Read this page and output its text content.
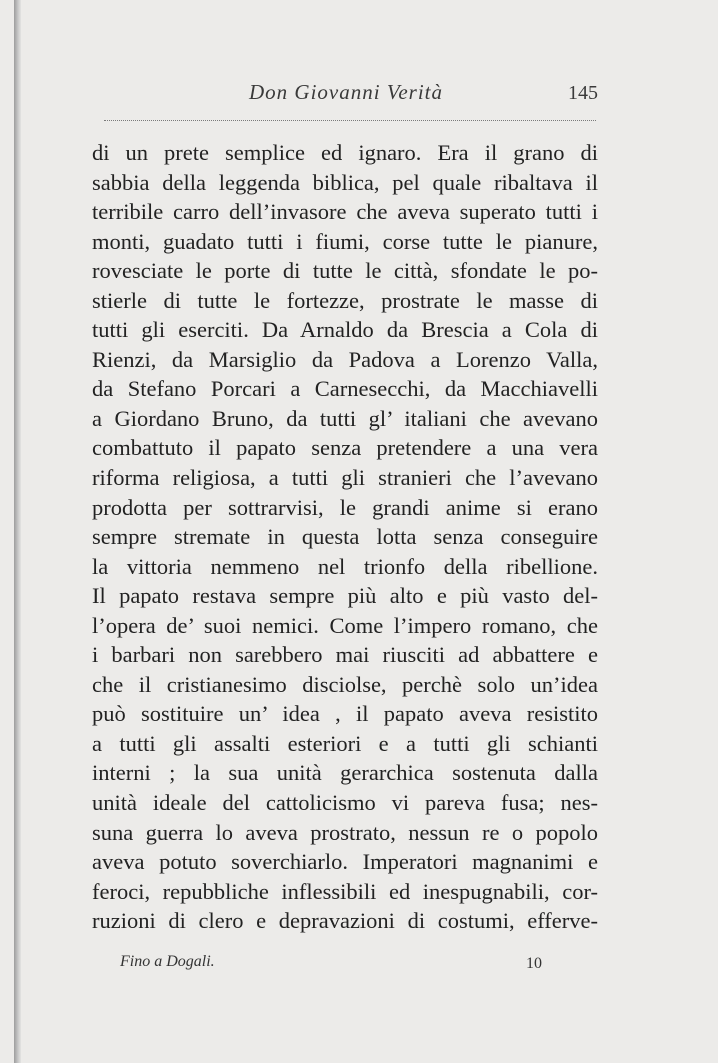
Don Giovanni Verità	145
di un prete semplice ed ignaro. Era il grano di
sabbia della leggenda biblica, pel quale ribaltava il
terribile carro dell’invasore che aveva superato tutti i
monti, guadato tutti i fiumi, corse tutte le pianure,
rovesciate le porte di tutte le città, sfondate le po-
stierle di tutte le fortezze, prostrate le masse di
tutti gli eserciti. Da Arnaldo da Brescia a Cola di
Rienzi, da Marsiglio da Padova a Lorenzo Valla,
da Stefano Porcari a Carnesecchi, da Macchiavelli
a Giordano Bruno, da tutti gl’ italiani che avevano
combattuto il papato senza pretendere a una vera
riforma religiosa, a tutti gli stranieri che l’avevano
prodotta per sottrarvisi, le grandi anime si erano
sempre stremate in questa lotta senza conseguire
la vittoria nemmeno nel trionfo della ribellione.
Il papato restava sempre più alto e più vasto del-
l’opera de’ suoi nemici. Come l’impero romano, che
i barbari non sarebbero mai riusciti ad abbattere e
che il cristianesimo disciolse, perchè solo un’idea
può sostituire un’ idea , il papato aveva resistito
a tutti gli assalti esteriori e a tutti gli schianti
interni ; la sua unità gerarchica sostenuta dalla
unità ideale del cattolicismo vi pareva fusa; nes-
suna guerra lo aveva prostrato, nessun re o popolo
aveva potuto soverchiarlo. Imperatori magnanimi e
feroci, repubbliche inflessibili ed inespugnabili, cor-
ruzioni di clero e depravazioni di costumi, efferve-
Fino a Dogali.	10
